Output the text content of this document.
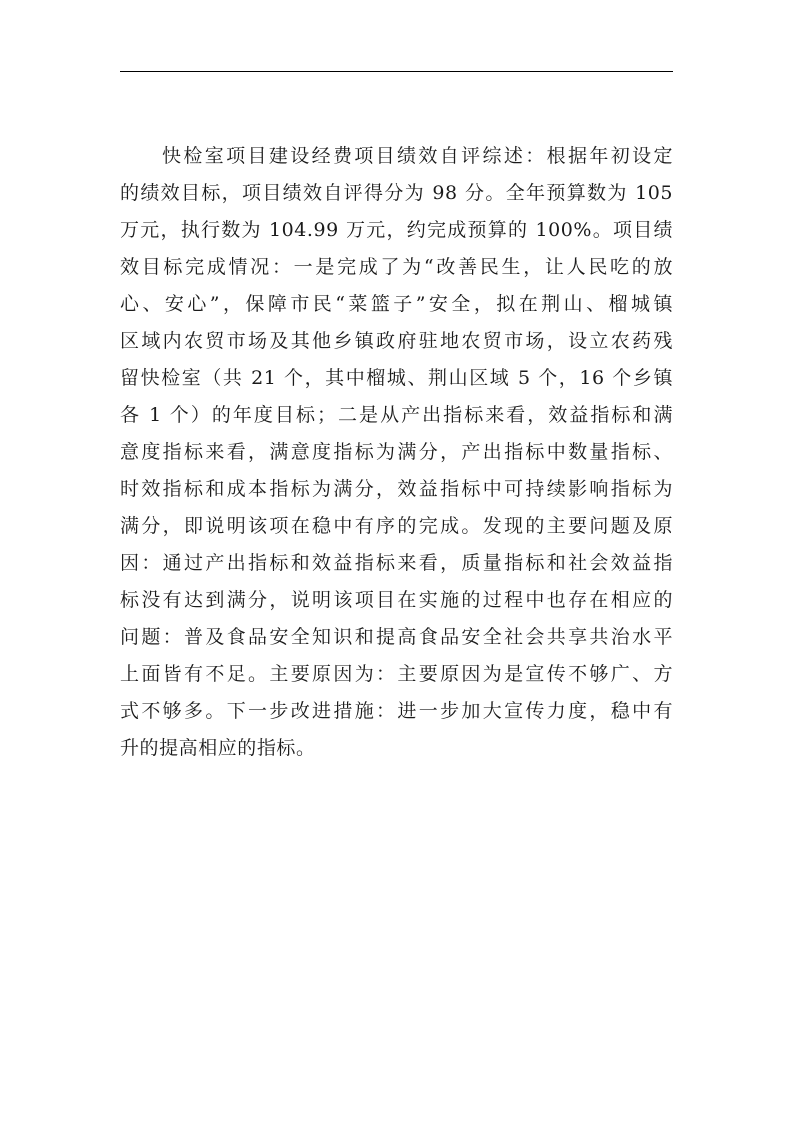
快检室项目建设经费项目绩效自评综述：根据年初设定
的绩效目标，项目绩效自评得分为 98 分。全年预算数为 105
万元，执行数为 104.99 万元，约完成预算的 100%。项目绩
效目标完成情况：一是完成了为“改善民生，让人民吃的放
心、安心”，保障市民“菜篮子”安全，拟在荆山、榴城镇
区域内农贸市场及其他乡镇政府驻地农贸市场，设立农药残
留快检室（共 21 个，其中榴城、荆山区域 5 个，16 个乡镇
各 1 个）的年度目标；二是从产出指标来看，效益指标和满
意度指标来看，满意度指标为满分，产出指标中数量指标、
时效指标和成本指标为满分，效益指标中可持续影响指标为
满分，即说明该项在稳中有序的完成。发现的主要问题及原
因：通过产出指标和效益指标来看，质量指标和社会效益指
标没有达到满分，说明该项目在实施的过程中也存在相应的
问题：普及食品安全知识和提高食品安全社会共享共治水平
上面皆有不足。主要原因为：主要原因为是宣传不够广、方
式不够多。下一步改进措施：进一步加大宣传力度，稳中有
升的提高相应的指标。
